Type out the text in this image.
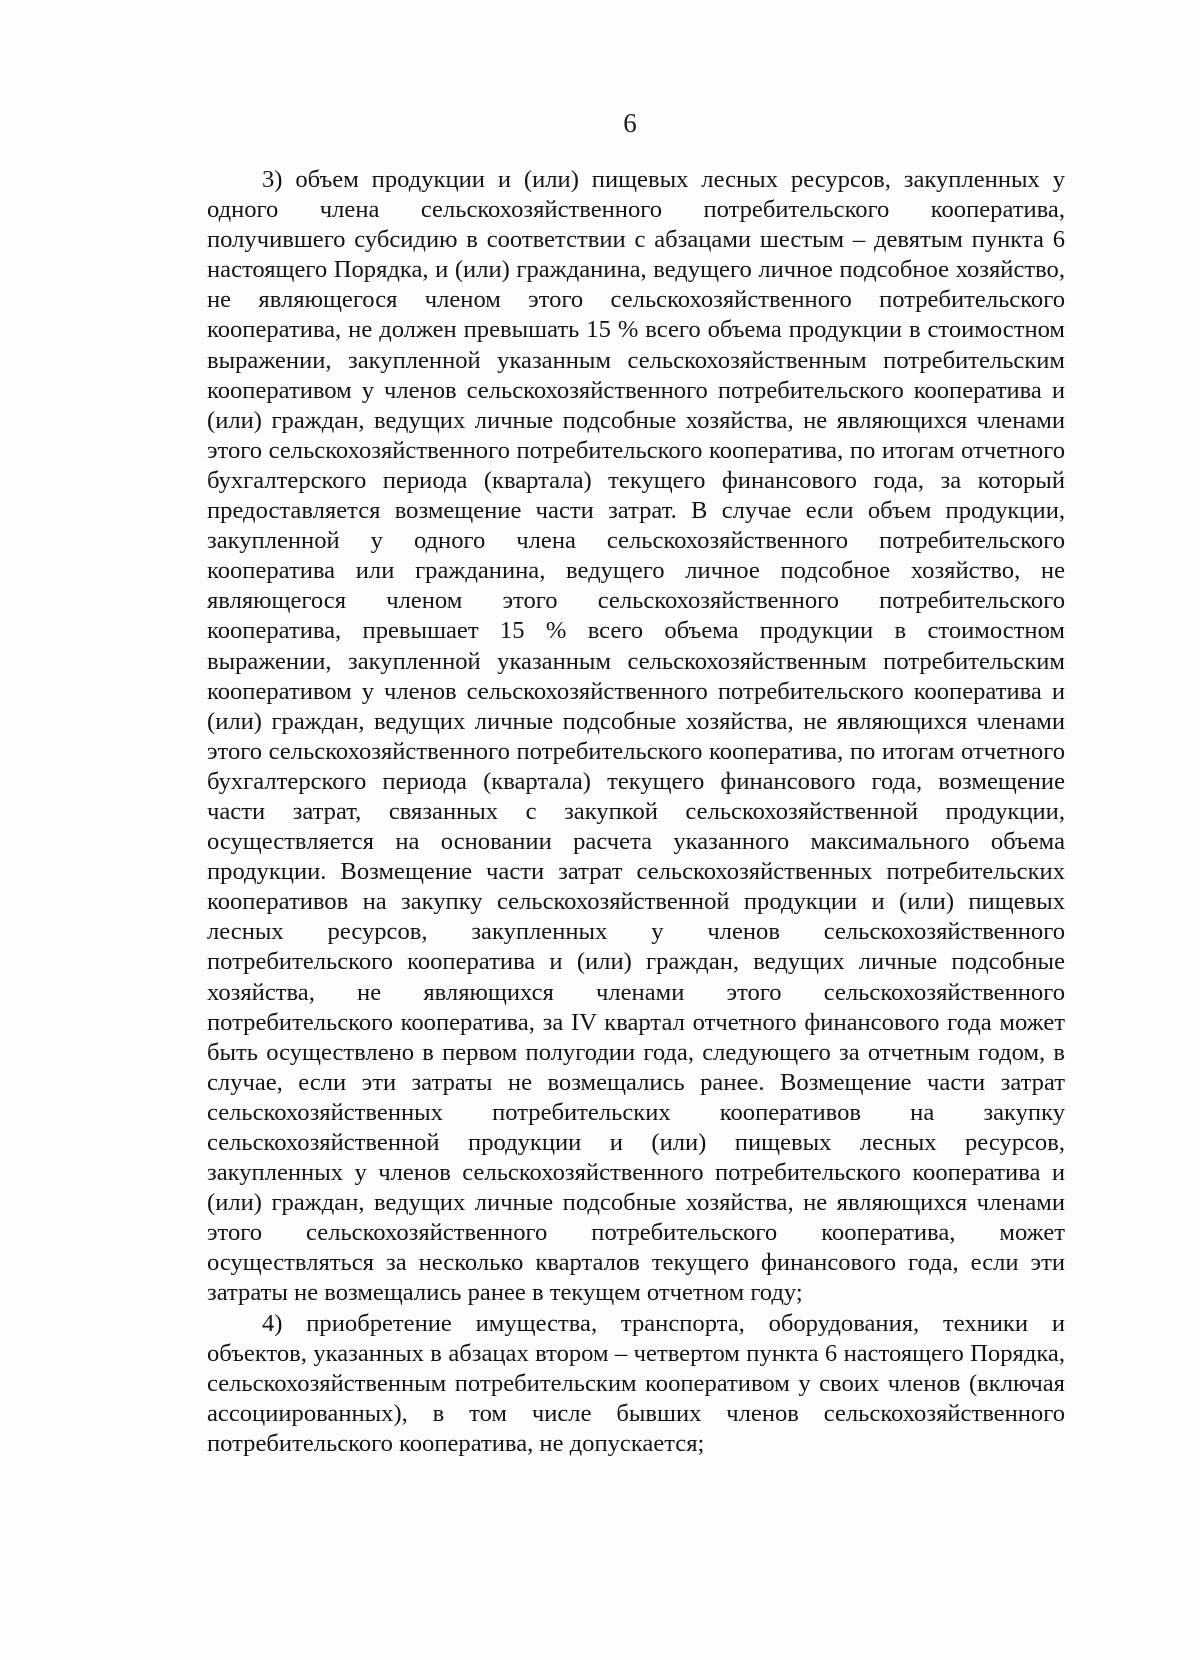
6

3) объем продукции и (или) пищевых лесных ресурсов, закупленных у одного члена сельскохозяйственного потребительского кооператива, получившего субсидию в соответствии с абзацами шестым – девятым пункта 6 настоящего Порядка, и (или) гражданина, ведущего личное подсобное хозяйство, не являющегося членом этого сельскохозяйственного потребительского кооператива, не должен превышать 15 % всего объема продукции в стоимостном выражении, закупленной указанным сельскохозяйственным потребительским кооперативом у членов сельскохозяйственного потребительского кооператива и (или) граждан, ведущих личные подсобные хозяйства, не являющихся членами этого сельскохозяйственного потребительского кооператива, по итогам отчетного бухгалтерского периода (квартала) текущего финансового года, за который предоставляется возмещение части затрат. В случае если объем продукции, закупленной у одного члена сельскохозяйственного потребительского кооператива или гражданина, ведущего личное подсобное хозяйство, не являющегося членом этого сельскохозяйственного потребительского кооператива, превышает 15 % всего объема продукции в стоимостном выражении, закупленной указанным сельскохозяйственным потребительским кооперативом у членов сельскохозяйственного потребительского кооператива и (или) граждан, ведущих личные подсобные хозяйства, не являющихся членами этого сельскохозяйственного потребительского кооператива, по итогам отчетного бухгалтерского периода (квартала) текущего финансового года, возмещение части затрат, связанных с закупкой сельскохозяйственной продукции, осуществляется на основании расчета указанного максимального объема продукции. Возмещение части затрат сельскохозяйственных потребительских кооперативов на закупку сельскохозяйственной продукции и (или) пищевых лесных ресурсов, закупленных у членов сельскохозяйственного потребительского кооператива и (или) граждан, ведущих личные подсобные хозяйства, не являющихся членами этого сельскохозяйственного потребительского кооператива, за IV квартал отчетного финансового года может быть осуществлено в первом полугодии года, следующего за отчетным годом, в случае, если эти затраты не возмещались ранее. Возмещение части затрат сельскохозяйственных потребительских кооперативов на закупку сельскохозяйственной продукции и (или) пищевых лесных ресурсов, закупленных у членов сельскохозяйственного потребительского кооператива и (или) граждан, ведущих личные подсобные хозяйства, не являющихся членами этого сельскохозяйственного потребительского кооператива, может осуществляться за несколько кварталов текущего финансового года, если эти затраты не возмещались ранее в текущем отчетном году;

4) приобретение имущества, транспорта, оборудования, техники и объектов, указанных в абзацах втором – четвертом пункта 6 настоящего Порядка, сельскохозяйственным потребительским кооперативом у своих членов (включая ассоциированных), в том числе бывших членов сельскохозяйственного потребительского кооператива, не допускается;
